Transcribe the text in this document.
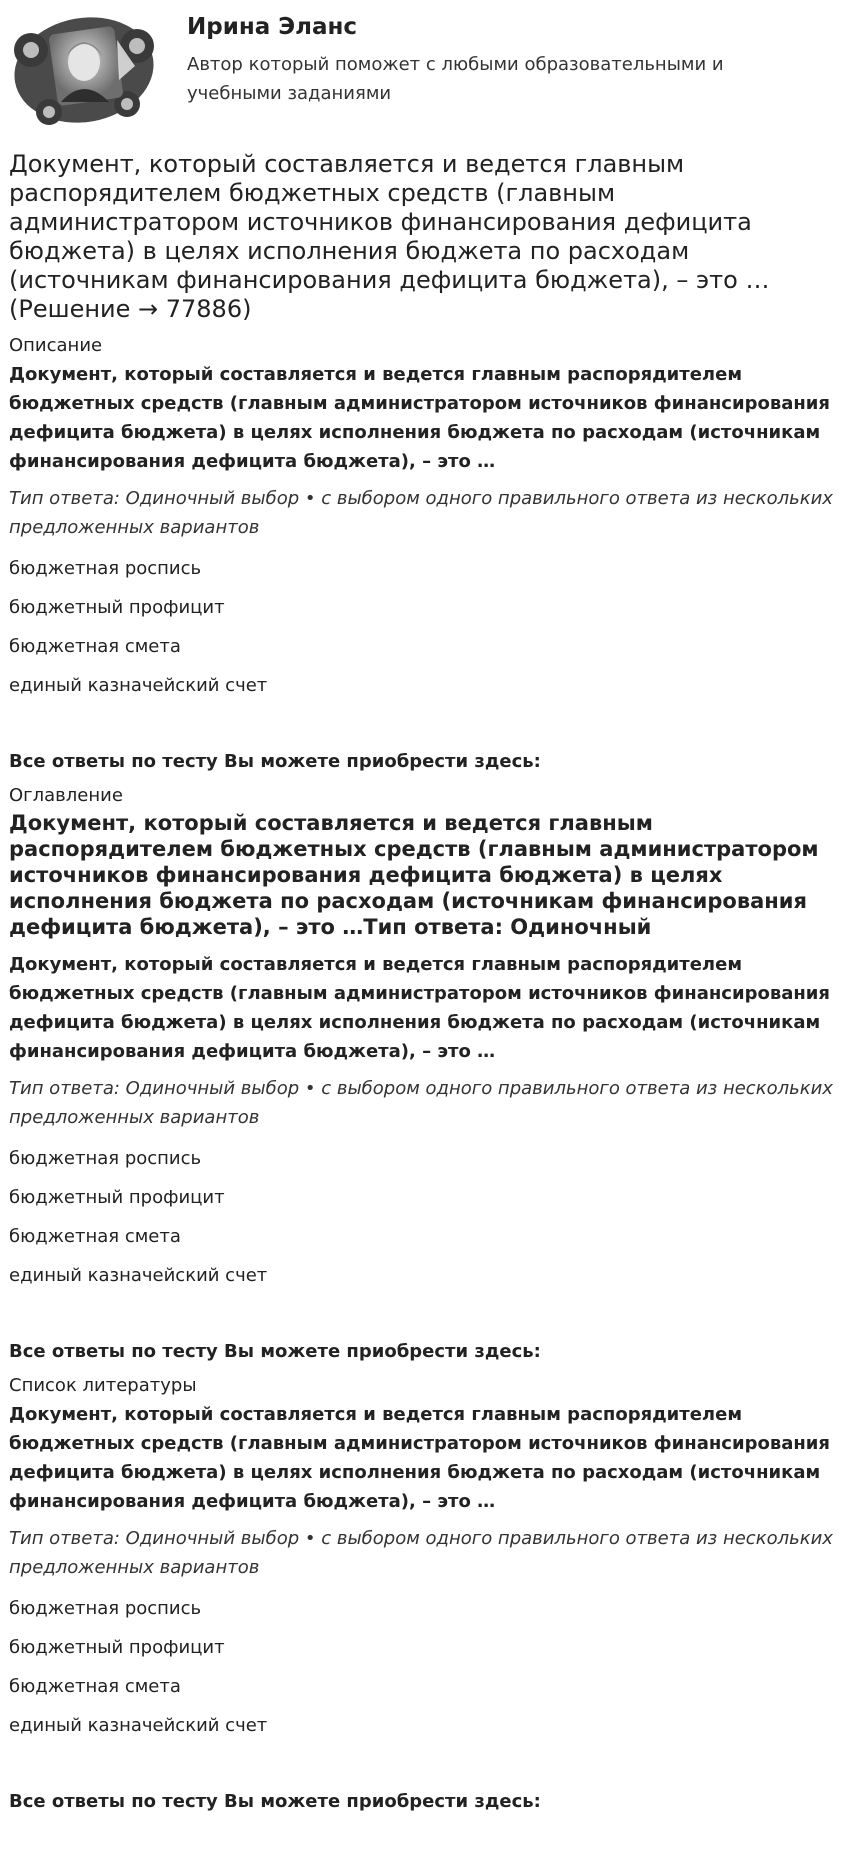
Ирина Эланс
Автор который поможет с любыми образовательными и учебными заданиями
Документ, который составляется и ведется главным распорядителем бюджетных средств (главным администратором источников финансирования дефицита бюджета) в целях исполнения бюджета по расходам (источникам финансирования дефицита бюджета), – это … (Решение → 77886)
Описание
Документ, который составляется и ведется главным распорядителем бюджетных средств (главным администратором источников финансирования дефицита бюджета) в целях исполнения бюджета по расходам (источникам финансирования дефицита бюджета), – это …
Тип ответа: Одиночный выбор • с выбором одного правильного ответа из нескольких предложенных вариантов
бюджетная роспись
бюджетный профицит
бюджетная смета
единый казначейский счет
Все ответы по тесту Вы можете приобрести здесь:
Оглавление
Документ, который составляется и ведется главным распорядителем бюджетных средств (главным администратором источников финансирования дефицита бюджета) в целях исполнения бюджета по расходам (источникам финансирования дефицита бюджета), – это …Тип ответа: Одиночный
Документ, который составляется и ведется главным распорядителем бюджетных средств (главным администратором источников финансирования дефицита бюджета) в целях исполнения бюджета по расходам (источникам финансирования дефицита бюджета), – это …
Тип ответа: Одиночный выбор • с выбором одного правильного ответа из нескольких предложенных вариантов
бюджетная роспись
бюджетный профицит
бюджетная смета
единый казначейский счет
Все ответы по тесту Вы можете приобрести здесь:
Список литературы
Документ, который составляется и ведется главным распорядителем бюджетных средств (главным администратором источников финансирования дефицита бюджета) в целях исполнения бюджета по расходам (источникам финансирования дефицита бюджета), – это …
Тип ответа: Одиночный выбор • с выбором одного правильного ответа из нескольких предложенных вариантов
бюджетная роспись
бюджетный профицит
бюджетная смета
единый казначейский счет
Все ответы по тесту Вы можете приобрести здесь:
